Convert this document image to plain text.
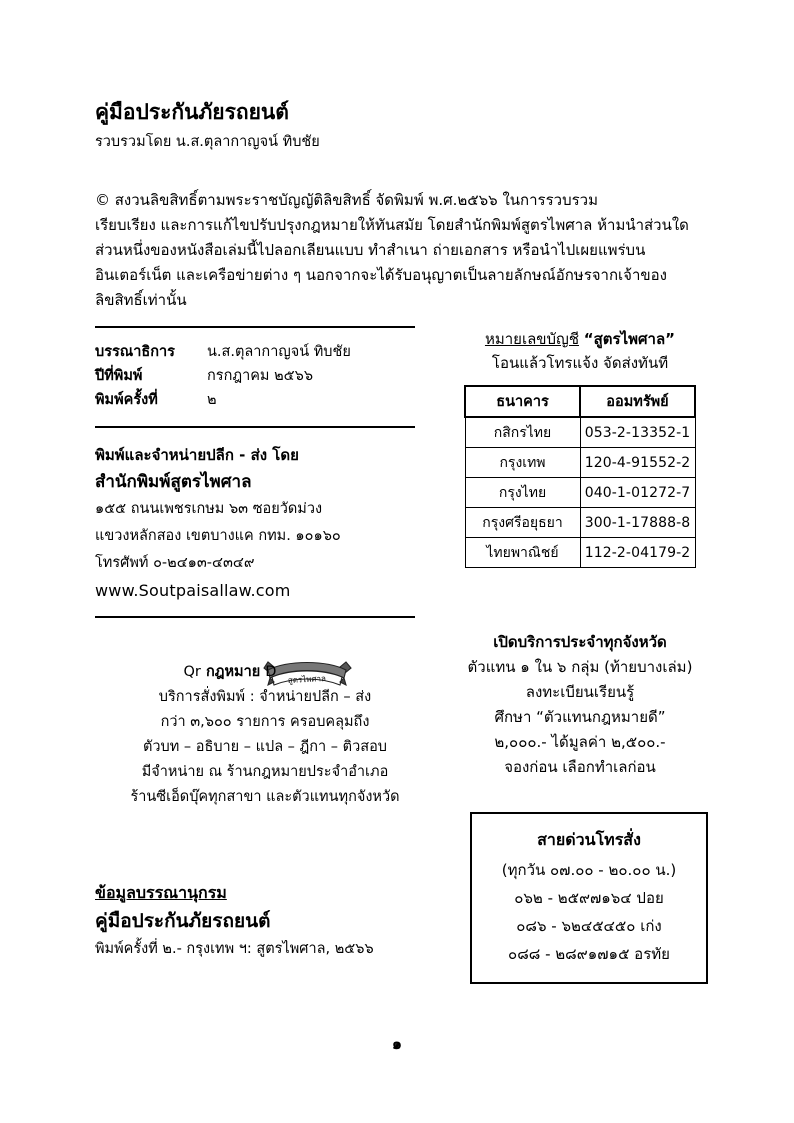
คู่มือประกันภัยรถยนต์
รวบรวมโดย น.ส.ตุลากาญจน์ ทิบชัย
© สงวนลิขสิทธิ์ตามพระราชบัญญัติลิขสิทธิ์ จัดพิมพ์ พ.ศ.๒๕๖๖ ในการรวบรวม
เรียบเรียง และการแก้ไขปรับปรุงกฎหมายให้ทันสมัย โดยสำนักพิมพ์สูตรไพศาล ห้ามนำส่วนใด
ส่วนหนึ่งของหนังสือเล่มนี้ไปลอกเลียนแบบ ทำสำเนา ถ่ายเอกสาร หรือนำไปเผยแพร่บน
อินเตอร์เน็ต และเครือข่ายต่าง ๆ นอกจากจะได้รับอนุญาตเป็นลายลักษณ์อักษรจากเจ้าของ
ลิขสิทธิ์เท่านั้น
บรรณาธิการ	น.ส.ตุลากาญจน์ ทิบชัย
ปีที่พิมพ์	กรกฎาคม ๒๕๖๖
พิมพ์ครั้งที่	๒
พิมพ์และจำหน่ายปลีก - ส่ง โดย
สำนักพิมพ์สูตรไพศาล
๑๕๕ ถนนเพชรเกษม ๖๓ ซอยวัดม่วง
แขวงหลักสอง เขตบางแค กทม. ๑๐๑๖๐
โทรศัพท์ ๐-๒๔๑๓-๔๓๔๙
www.Soutpaisallaw.com
สูตรไพศาล
Qr กฎหมาย D
บริการสั่งพิมพ์ : จำหน่ายปลีก – ส่ง
กว่า ๓,๖๐๐ รายการ ครอบคลุมถึง
ตัวบท – อธิบาย – แปล – ฎีกา – ติวสอบ
มีจำหน่าย ณ ร้านกฎหมายประจำอำเภอ
ร้านซีเอ็ดบุ๊คทุกสาขา และตัวแทนทุกจังหวัด
ข้อมูลบรรณานุกรม
คู่มือประกันภัยรถยนต์
พิมพ์ครั้งที่ ๒.- กรุงเทพ ฯ: สูตรไพศาล, ๒๕๖๖
หมายเลขบัญชี “สูตรไพศาล”
โอนแล้วโทรแจ้ง จัดส่งทันที
ธนาคาร	ออมทรัพย์
กสิกรไทย	053-2-13352-1
กรุงเทพ	120-4-91552-2
กรุงไทย	040-1-01272-7
กรุงศรีอยุธยา	300-1-17888-8
ไทยพาณิชย์	112-2-04179-2
เปิดบริการประจำทุกจังหวัด
ตัวแทน ๑ ใน ๖ กลุ่ม (ท้ายบางเล่ม)
ลงทะเบียนเรียนรู้
ศึกษา “ตัวแทนกฎหมายดี”
๒,๐๐๐.- ได้มูลค่า ๒,๕๐๐.-
จองก่อน เลือกทำเลก่อน
สายด่วนโทรสั่ง
(ทุกวัน ๐๗.๐๐ - ๒๐.๐๐ น.)
๐๖๒ - ๒๕๙๗๑๖๔ ปอย
๐๘๖ - ๖๒๔๕๔๕๐ เก่ง
๐๘๘ - ๒๘๙๑๗๑๕ อรทัย
๑
